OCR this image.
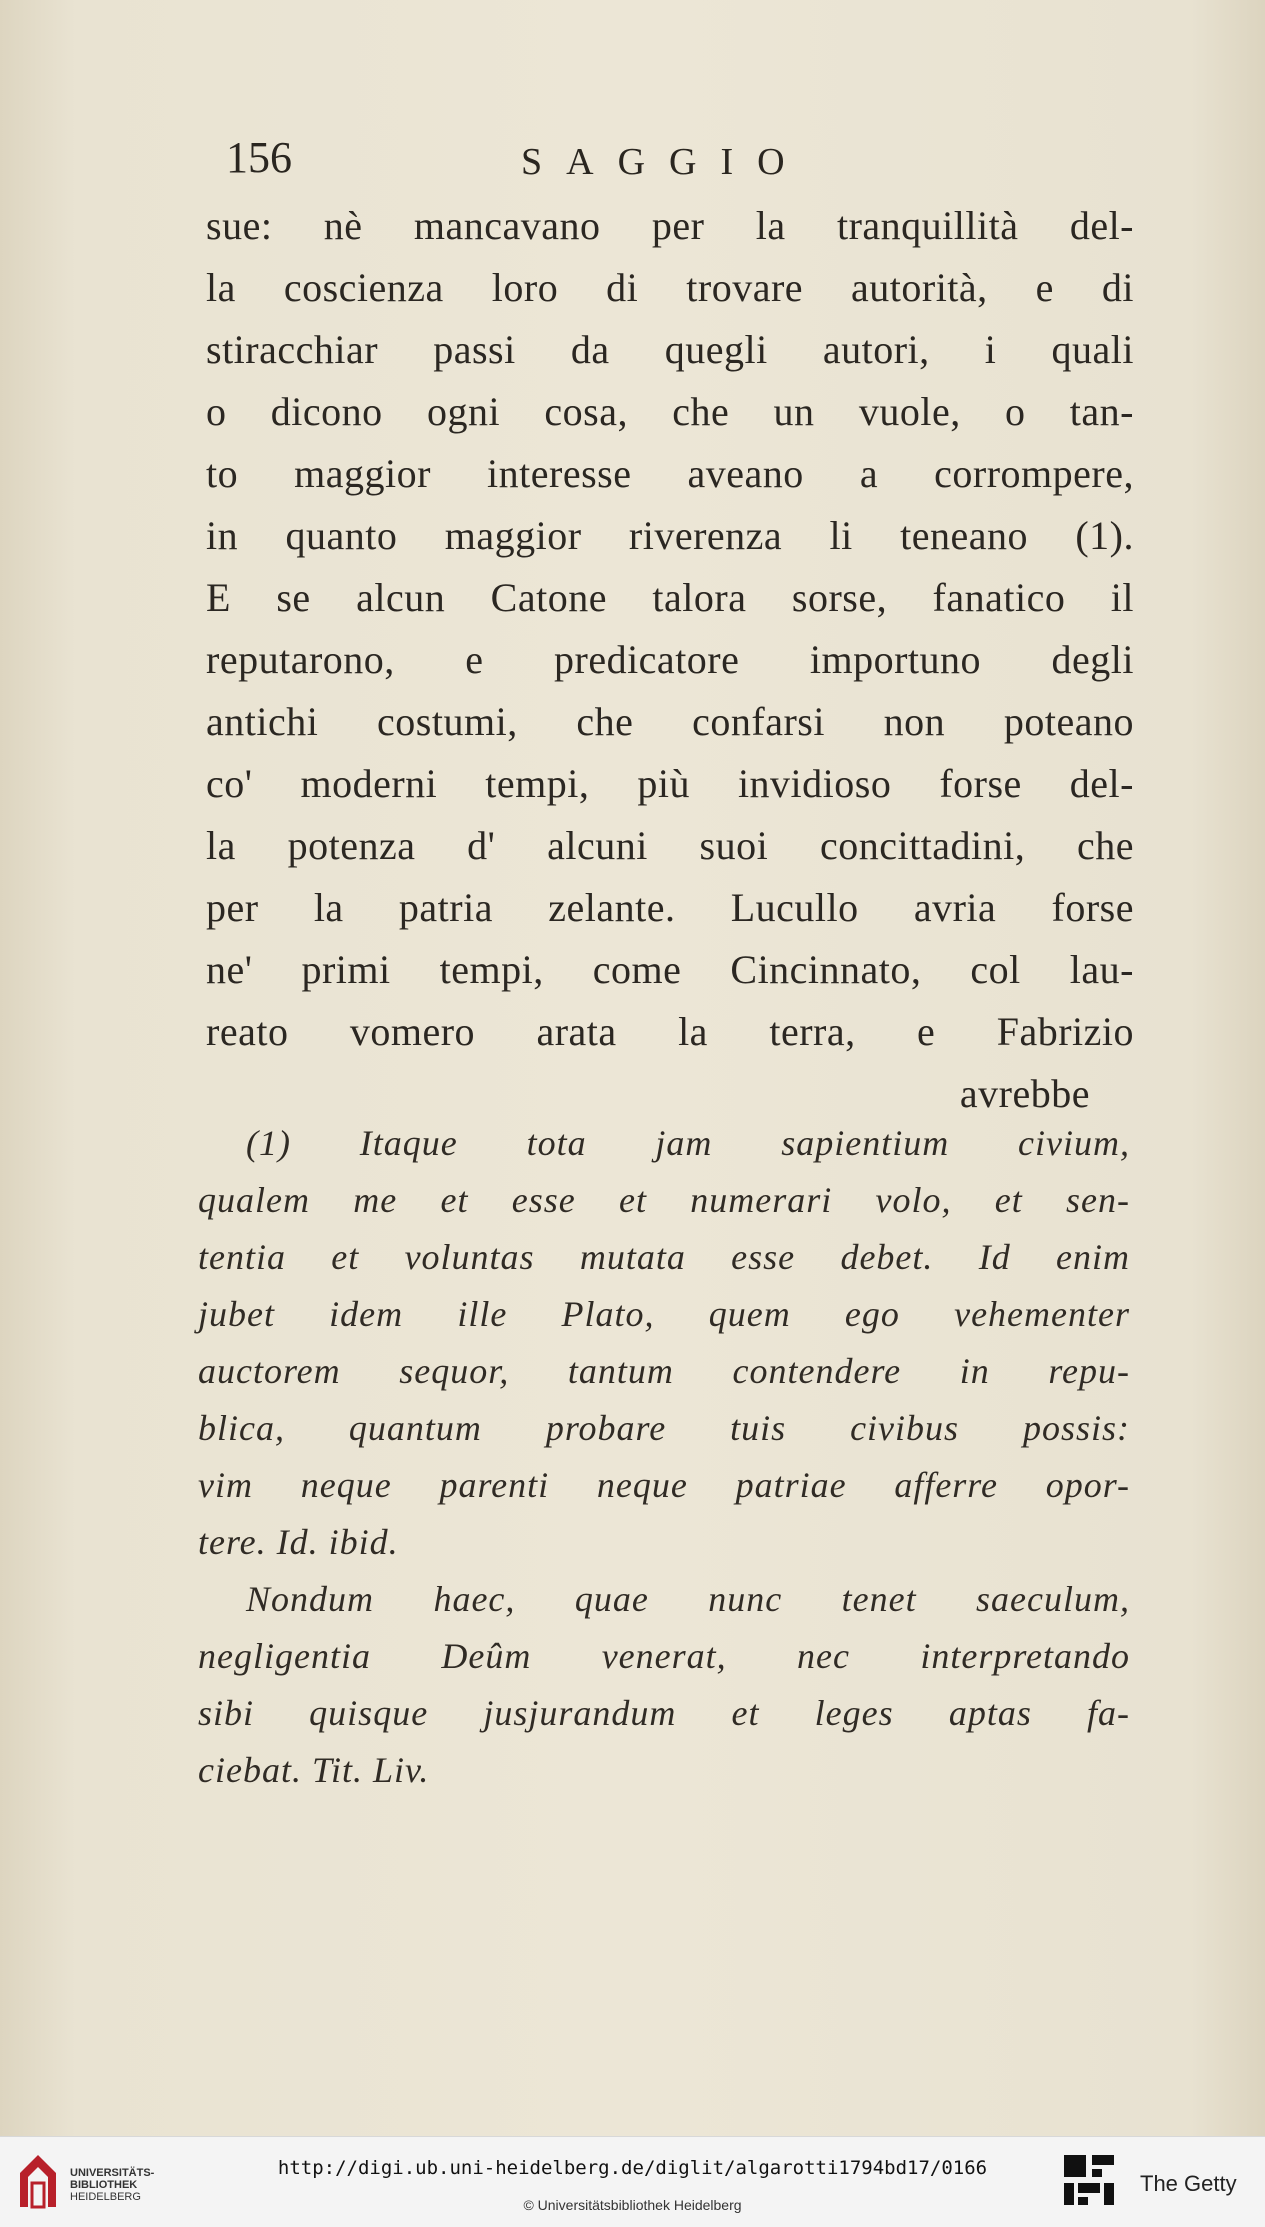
156	SAGGIO
sue: nè mancavano per la tranquillità del-
la coscienza loro di trovare autorità, e di
stiracchiar passi da quegli autori, i quali
o dicono ogni cosa, che un vuole, o tan-
to maggior interesse aveano a corrompere,
in quanto maggior riverenza li teneano (1).
E se alcun Catone talora sorse, fanatico il
reputarono, e predicatore importuno degli
antichi costumi, che confarsi non poteano
co' moderni tempi, più invidioso forse del-
la potenza d' alcuni suoi concittadini, che
per la patria zelante. Lucullo avria forse
ne' primi tempi, come Cincinnato, col lau-
reato vomero arata la terra, e Fabrizio
avrebbe
(1) Itaque tota jam sapientium civium,
qualem me et esse et numerari volo, et sen-
tentia et voluntas mutata esse debet. Id enim
jubet idem ille Plato, quem ego vehementer
auctorem sequor, tantum contendere in repu-
blica, quantum probare tuis civibus possis:
vim neque parenti neque patriae afferre opor-
tere. Id. ibid.
Nondum haec, quae nunc tenet saeculum,
negligentia Deûm venerat, nec interpretando
sibi quisque jusjurandum et leges aptas fa-
ciebat. Tit. Liv.
UNIVERSITÄTS-
BIBLIOTHEK
HEIDELBERG
http://digi.ub.uni-heidelberg.de/diglit/algarotti1794bd17/0166
© Universitätsbibliothek Heidelberg
The Getty
